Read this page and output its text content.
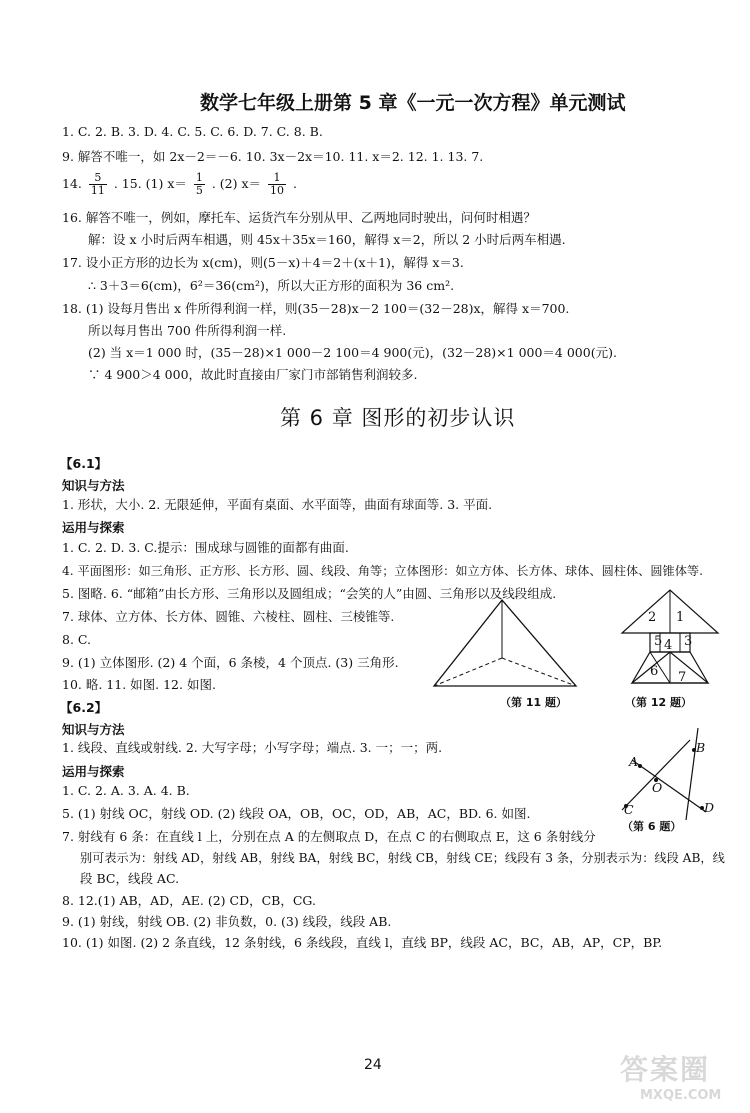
数学七年级上册第 5 章《一元一次方程》单元测试
1. C. 2. B. 3. D. 4. C. 5. C. 6. D. 7. C. 8. B.
9. 解答不唯一，如 2x－2＝－6. 10. 3x－2x＝10. 11. x＝2. 12. 1. 13. 7.
14. $\frac{5}{11}$ . 15. (1) $x= \frac{1}{5}$ . (2) $x= \frac{1}{10}$ .
16. 解答不唯一，例如，摩托车、运货汽车分别从甲、乙两地同时驶出，问何时相遇？
解：设 x 小时后两车相遇，则 45x＋35x＝160，解得 x＝2，所以 2 小时后两车相遇.
17. 设小正方形的边长为 x(cm)，则(5－x)＋4＝2＋(x＋1)，解得 x＝3.
∴ 3＋3＝6(cm)，6²＝36(cm²)，所以大正方形的面积为 36 cm².
18. (1) 设每月售出 x 件所得利润一样，则(35－28)x－2 100＝(32－28)x，解得 x＝700.
所以每月售出 700 件所得利润一样.
(2) 当 x＝1 000 时，(35－28)×1 000－2 100＝4 900(元)，(32－28)×1 000＝4 000(元).
∵ 4 900＞4 000，故此时直接由厂家门市部销售利润较多.
第 6 章 图形的初步认识
【6.1】
知识与方法
1. 形状，大小. 2. 无限延伸，平面有桌面、水平面等，曲面有球面等. 3. 平面.
运用与探索
1. C. 2. D. 3. C.提示：围成球与圆锥的面都有曲面.
4. 平面图形：如三角形、正方形、长方形、圆、线段、角等；立体图形：如立方体、长方体、球体、圆柱体、圆锥体等.
5. 图略. 6. “邮箱”由长方形、三角形以及圆组成；“会笑的人”由圆、三角形以及线段组成.
7. 球体、立方体、长方体、圆锥、六棱柱、圆柱、三棱锥等.
8. C.
9. (1) 立体图形. (2) 4 个面，6 条棱，4 个顶点. (3) 三角形.
10. 略. 11. 如图. 12. 如图.
（第 11 题）
2 1
5 4 3
6 7
（第 12 题）
【6.2】
知识与方法
1. 线段、直线或射线. 2. 大写字母；小写字母；端点. 3. 一；一；两.
运用与探索
1. C. 2. A. 3. A. 4. B.
5. (1) 射线 OC，射线 OD. (2) 线段 OA，OB，OC，OD，AB，AC，BD. 6. 如图.
7. 射线有 6 条：在直线 l 上，分别在点 A 的左侧取点 D，在点 C 的右侧取点 E，这 6 条射线分
别可表示为：射线 AD，射线 AB，射线 BA，射线 BC，射线 CB，射线 CE；线段有 3 条，分别表示为：线段 AB，线
段 BC，线段 AC.
8. 12.(1) AB，AD，AE. (2) CD，CB，CG.
9. (1) 射线，射线 OB. (2) 非负数，0. (3) 线段，线段 AB.
10. (1) 如图. (2) 2 条直线，12 条射线，6 条线段，直线 l，直线 BP，线段 AC，BC，AB，AP，CP，BP.
A
B
O
C	D
（第 6 题）
24	答案圈
MXQE.COM
